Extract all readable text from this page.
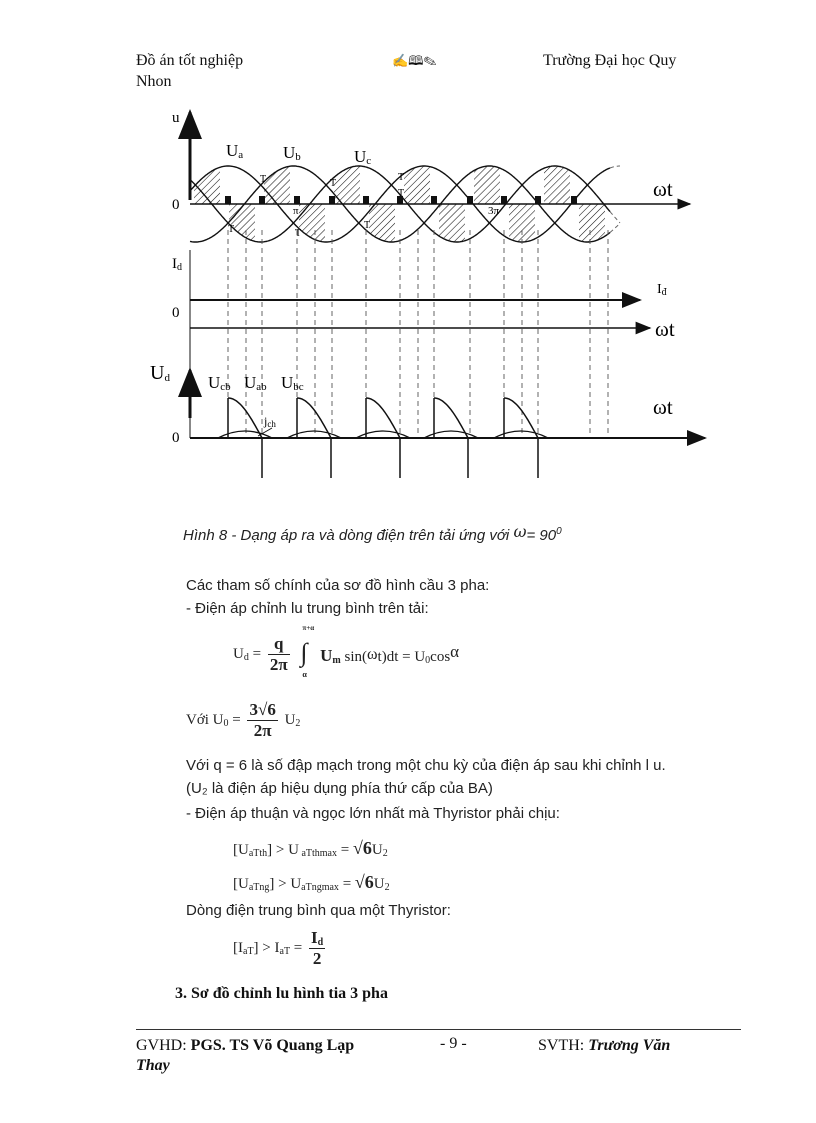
Đồ án tốt nghiệp
Nhon
✍🕮✎	Trường Đại học Quy
u
Ua Ub	Uc
0
ωt
π	3π
Id
Iđ
0
ωt
Ud Ucb Uab Ubc
jch
0
ωt
T
T	T
T
T
T
T
Hình 8 - Dạng áp ra và dòng điện trên tải ứng với $\omega= 90^0$
Các tham số chính của sơ đồ hình cầu 3 pha:
- Điện áp chỉnh lu trung bình trên tải:
$U_d = \frac{q}{2\pi}$

π+α
∫
α
$U_m$ $\sin(\omega t)dt = U_0\cos\alpha$
Với $U_0 = \frac{3√6}{2\pi} U_2$
Với q = 6 là số đập mạch trong một chu kỳ của điện áp sau khi chỉnh l u.
(U₂ là điện áp hiệu dụng phía thứ cấp của BA)
- Điện áp thuận và ngọc lớn nhất mà Thyristor phải chịu:
$[U_{aTth}] > U$ $_{aTthmax} = √6U_2$
$[U_{aTng}] > U_{aTngmax} = √6U_2$
Dòng điện trung bình qua một Thyristor:
$[I_{aT}] > I_{aT} = \frac{I_d}{2}$
3. Sơ đồ chỉnh lu hình tia 3 pha
GVHD: PGS. TS Võ Quang Lạp	- 9 -	SVTH: Trương Văn
Thay
